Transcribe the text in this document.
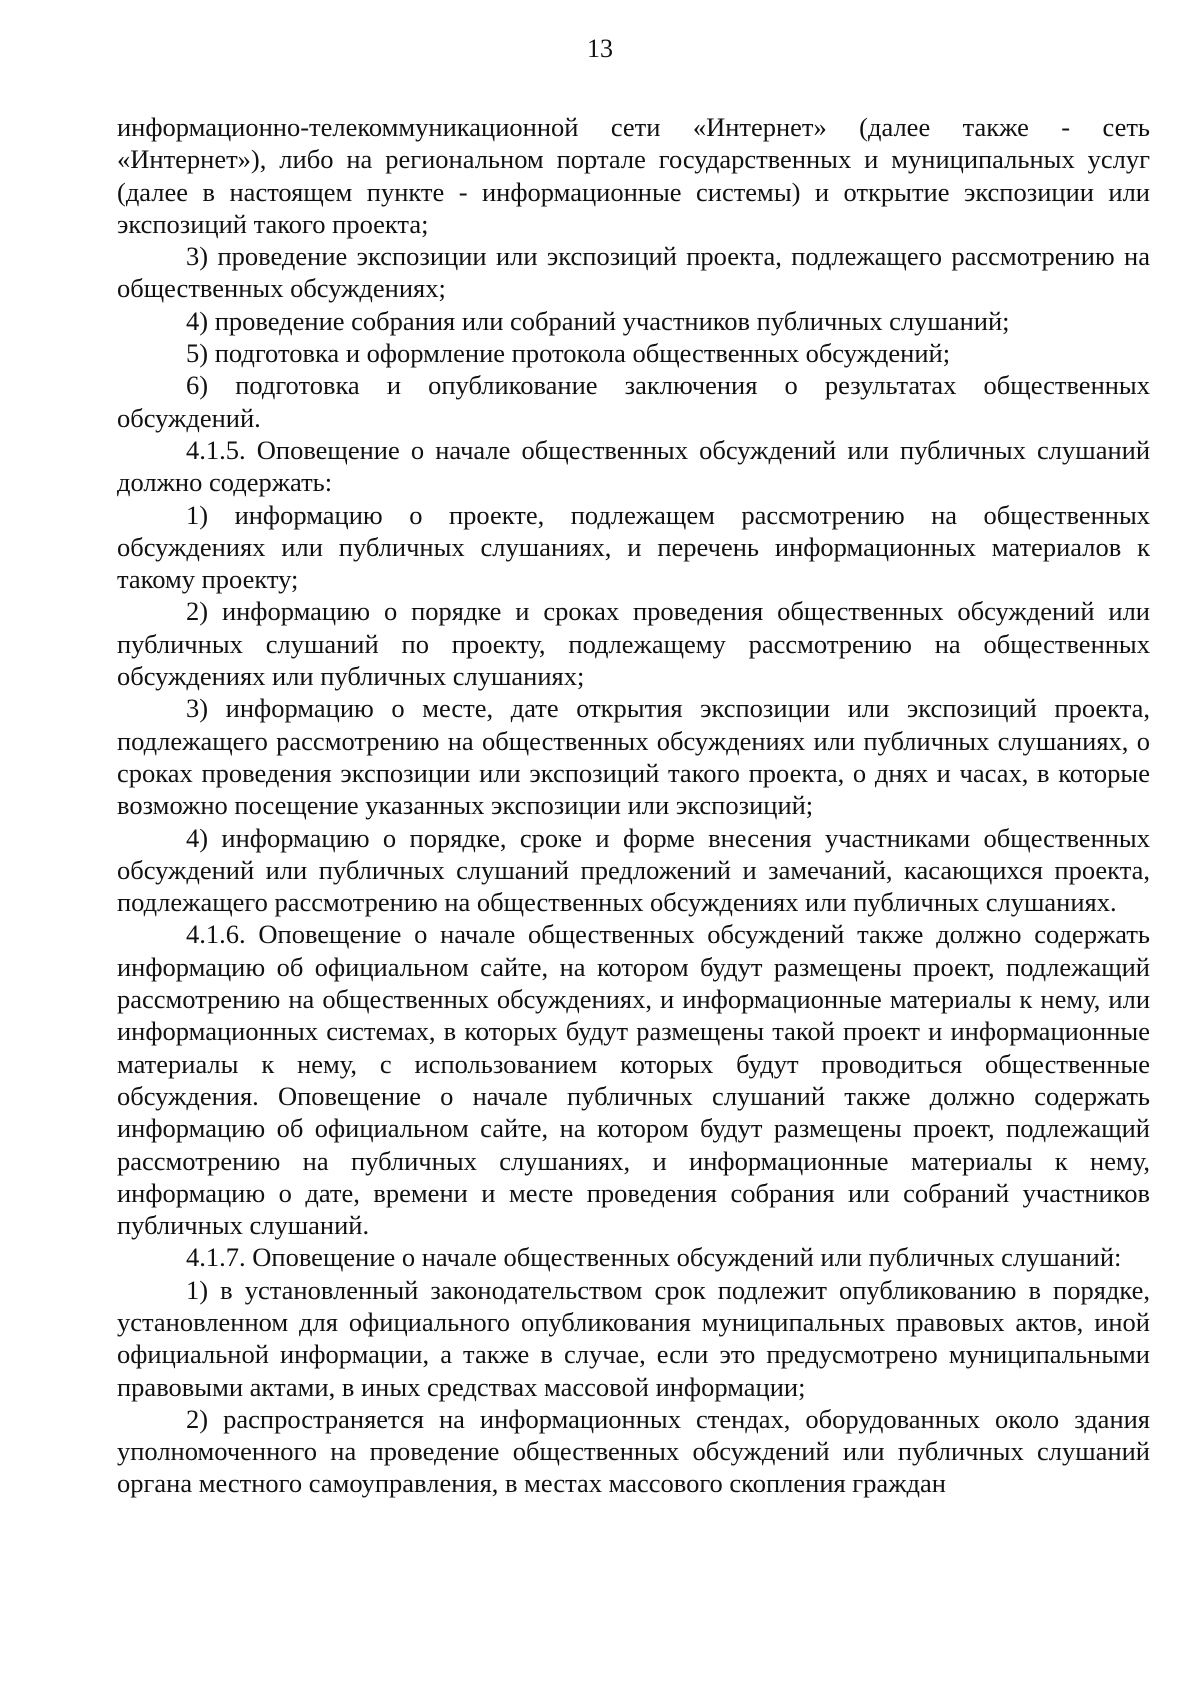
13

информационно-телекоммуникационной сети «Интернет» (далее также - сеть «Интернет»), либо на региональном портале государственных и муниципальных услуг (далее в настоящем пункте - информационные системы) и открытие экспозиции или экспозиций такого проекта;

3) проведение экспозиции или экспозиций проекта, подлежащего рассмотрению на общественных обсуждениях;

4) проведение собрания или собраний участников публичных слушаний;

5) подготовка и оформление протокола общественных обсуждений;

6) подготовка и опубликование заключения о результатах общественных обсуждений.

4.1.5. Оповещение о начале общественных обсуждений или публичных слушаний должно содержать:

1) информацию о проекте, подлежащем рассмотрению на общественных обсуждениях или публичных слушаниях, и перечень информационных материалов к такому проекту;

2) информацию о порядке и сроках проведения общественных обсуждений или публичных слушаний по проекту, подлежащему рассмотрению на общественных обсуждениях или публичных слушаниях;

3) информацию о месте, дате открытия экспозиции или экспозиций проекта, подлежащего рассмотрению на общественных обсуждениях или публичных слушаниях, о сроках проведения экспозиции или экспозиций такого проекта, о днях и часах, в которые возможно посещение указанных экспозиции или экспозиций;

4) информацию о порядке, сроке и форме внесения участниками общественных обсуждений или публичных слушаний предложений и замечаний, касающихся проекта, подлежащего рассмотрению на общественных обсуждениях или публичных слушаниях.

4.1.6. Оповещение о начале общественных обсуждений также должно содержать информацию об официальном сайте, на котором будут размещены проект, подлежащий рассмотрению на общественных обсуждениях, и информационные материалы к нему, или информационных системах, в которых будут размещены такой проект и информационные материалы к нему, с использованием которых будут проводиться общественные обсуждения. Оповещение о начале публичных слушаний также должно содержать информацию об официальном сайте, на котором будут размещены проект, подлежащий рассмотрению на публичных слушаниях, и информационные материалы к нему, информацию о дате, времени и месте проведения собрания или собраний участников публичных слушаний.

4.1.7. Оповещение о начале общественных обсуждений или публичных слушаний:

1) в установленный законодательством срок подлежит опубликованию в порядке, установленном для официального опубликования муниципальных правовых актов, иной официальной информации, а также в случае, если это предусмотрено муниципальными правовыми актами, в иных средствах массовой информации;

2) распространяется на информационных стендах, оборудованных около здания уполномоченного на проведение общественных обсуждений или публичных слушаний органа местного самоуправления, в местах массового скопления граждан
